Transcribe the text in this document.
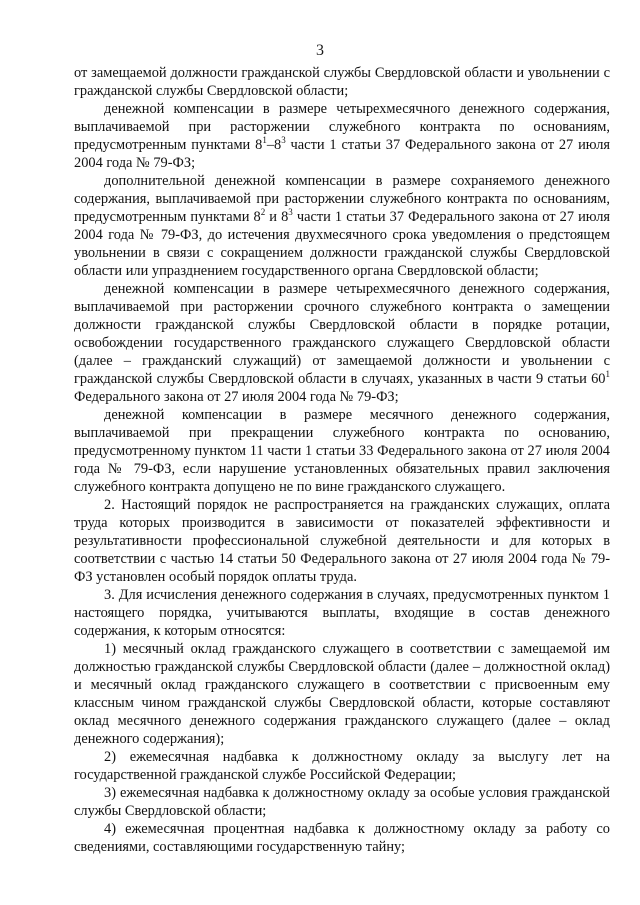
3

от замещаемой должности гражданской службы Свердловской области и увольнении с гражданской службы Свердловской области;

денежной компенсации в размере четырехмесячного денежного содержания, выплачиваемой при расторжении служебного контракта по основаниям, предусмотренным пунктами $8^1-8^3$ части 1 статьи 37 Федерального закона от 27 июля 2004 года № 79-ФЗ;

дополнительной денежной компенсации в размере сохраняемого денежного содержания, выплачиваемой при расторжении служебного контракта по основаниям, предусмотренным пунктами $8^2$ и $8^3$ части 1 статьи 37 Федерального закона от 27 июля 2004 года № 79-ФЗ, до истечения двухмесячного срока уведомления о предстоящем увольнении в связи с сокращением должности гражданской службы Свердловской области или упразднением государственного органа Свердловской области;

денежной компенсации в размере четырехмесячного денежного содержания, выплачиваемой при расторжении срочного служебного контракта о замещении должности гражданской службы Свердловской области в порядке ротации, освобождении государственного гражданского служащего Свердловской области (далее – гражданский служащий) от замещаемой должности и увольнении с гражданской службы Свердловской области в случаях, указанных в части 9 статьи $60^1$ Федерального закона от 27 июля 2004 года № 79-ФЗ;

денежной компенсации в размере месячного денежного содержания, выплачиваемой при прекращении служебного контракта по основанию, предусмотренному пунктом 11 части 1 статьи 33 Федерального закона от 27 июля 2004 года № 79-ФЗ, если нарушение установленных обязательных правил заключения служебного контракта допущено не по вине гражданского служащего.

2. Настоящий порядок не распространяется на гражданских служащих, оплата труда которых производится в зависимости от показателей эффективности и результативности профессиональной служебной деятельности и для которых в соответствии с частью 14 статьи 50 Федерального закона от 27 июля 2004 года № 79-ФЗ установлен особый порядок оплаты труда.

3. Для исчисления денежного содержания в случаях, предусмотренных пунктом 1 настоящего порядка, учитываются выплаты, входящие в состав денежного содержания, к которым относятся:

1) месячный оклад гражданского служащего в соответствии с замещаемой им должностью гражданской службы Свердловской области (далее – должностной оклад) и месячный оклад гражданского служащего в соответствии с присвоенным ему классным чином гражданской службы Свердловской области, которые составляют оклад месячного денежного содержания гражданского служащего (далее – оклад денежного содержания);

2) ежемесячная надбавка к должностному окладу за выслугу лет на государственной гражданской службе Российской Федерации;

3) ежемесячная надбавка к должностному окладу за особые условия гражданской службы Свердловской области;

4) ежемесячная процентная надбавка к должностному окладу за работу со сведениями, составляющими государственную тайну;
